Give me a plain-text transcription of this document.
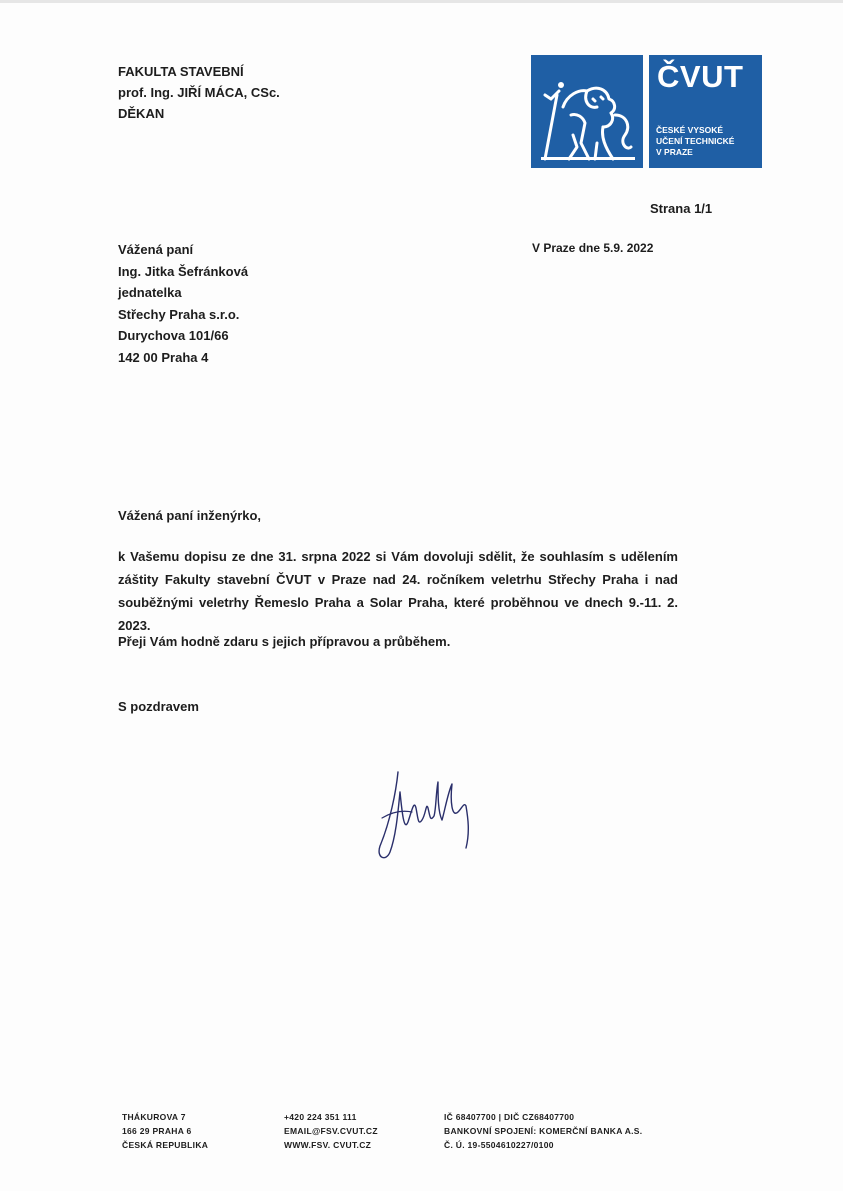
FAKULTA STAVEBNÍ
prof. Ing. JIŘÍ MÁCA, CSc.
DĚKAN
ČVUT
ČESKÉ VYSOKÉ
UČENÍ TECHNICKÉ
V PRAZE
Strana 1/1
V Praze dne 5.9. 2022
Vážená paní
Ing. Jitka Šefránková
jednatelka
Střechy Praha s.r.o.
Durychova 101/66
142 00 Praha 4
Vážená paní inženýrko,
k Vašemu dopisu ze dne 31. srpna 2022 si Vám dovoluji sdělit, že souhlasím s udělením záštity Fakulty stavební ČVUT v Praze nad 24. ročníkem veletrhu Střechy Praha i nad souběžnými veletrhy Řemeslo Praha a Solar Praha, které proběhnou ve dnech 9.-11. 2. 2023.
Přeji Vám hodně zdaru s jejich přípravou a průběhem.
S pozdravem
THÁKUROVA 7
166 29 PRAHA 6
ČESKÁ REPUBLIKA
+420 224 351 111
EMAIL@FSV.CVUT.CZ
WWW.FSV. CVUT.CZ
IČ 68407700 | DIČ CZ68407700
BANKOVNÍ SPOJENÍ: KOMERČNÍ BANKA A.S.
Č. Ú. 19-5504610227/0100
